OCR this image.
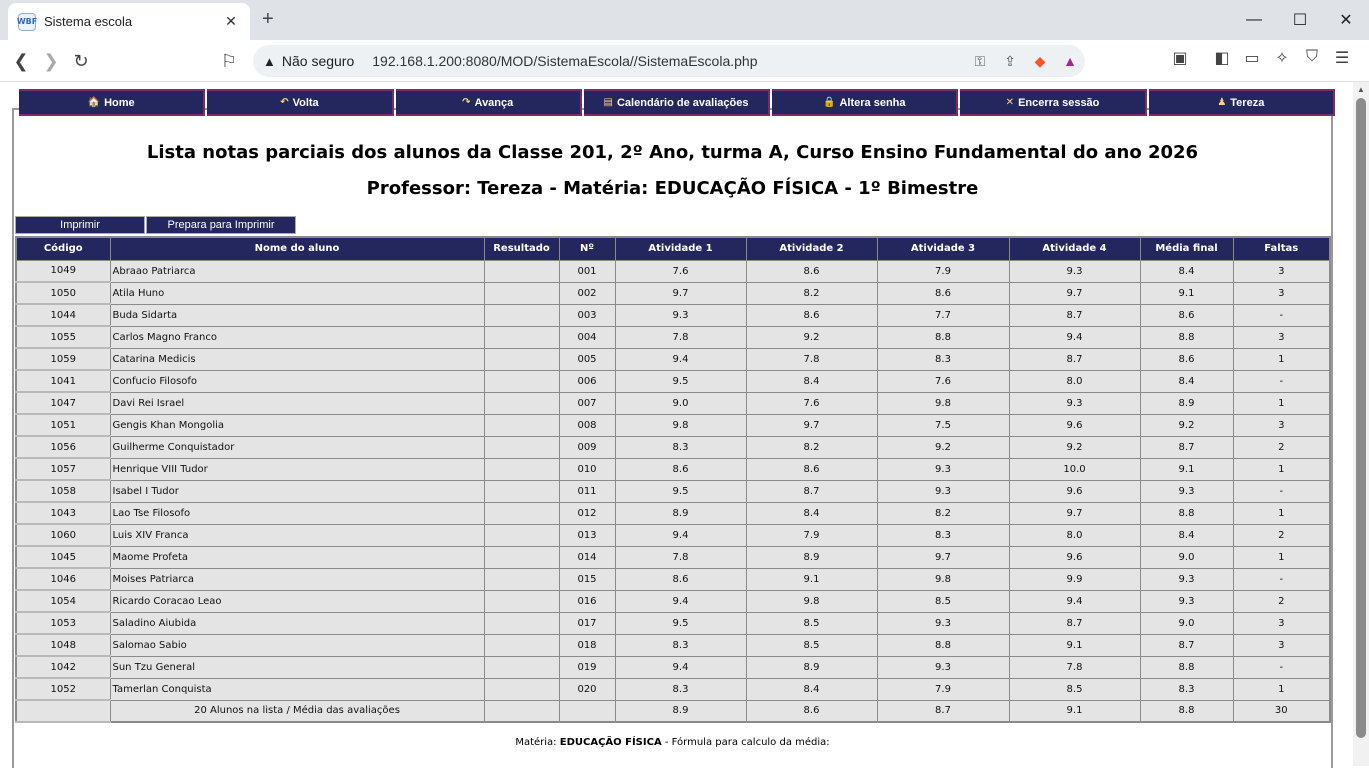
WBF Sistema escola	✕ +	—	☐	✕
❮ ❯ ↻	⚐	▲ Não seguro 192.168.1.200:8080/MOD/SistemaEscola//SistemaEscola.php	⚿	⇪	◆	▲	▣	◧ ▭ ✧	⛉	☰
🏠 Home	↶ Volta	↷ Avança	▤ Calendário de avaliações	🔒 Altera senha	✕ Encerra sessão	♟ Tereza
Lista notas parciais dos alunos da Classe 201, 2º Ano, turma A, Curso Ensino Fundamental do ano 2026
Professor: Tereza - Matéria: EDUCAÇÃO FÍSICA - 1º Bimestre
Imprimir	Prepara para Imprimir
Código	Nome do aluno	Resultado	Nº	Atividade 1	Atividade 2	Atividade 3	Atividade 4	Média final	Faltas
1049	Abraao Patriarca		001	7.6	8.6	7.9	9.3	8.4	3
1050	Atila Huno		002	9.7	8.2	8.6	9.7	9.1	3
1044	Buda Sidarta		003	9.3	8.6	7.7	8.7	8.6	-
1055	Carlos Magno Franco		004	7.8	9.2	8.8	9.4	8.8	3
1059	Catarina Medicis		005	9.4	7.8	8.3	8.7	8.6	1
1041	Confucio Filosofo		006	9.5	8.4	7.6	8.0	8.4	-
1047	Davi Rei Israel		007	9.0	7.6	9.8	9.3	8.9	1
1051	Gengis Khan Mongolia		008	9.8	9.7	7.5	9.6	9.2	3
1056	Guilherme Conquistador		009	8.3	8.2	9.2	9.2	8.7	2
1057	Henrique VIII Tudor		010	8.6	8.6	9.3	10.0	9.1	1
1058	Isabel I Tudor		011	9.5	8.7	9.3	9.6	9.3	-
1043	Lao Tse Filosofo		012	8.9	8.4	8.2	9.7	8.8	1
1060	Luis XIV Franca		013	9.4	7.9	8.3	8.0	8.4	2
1045	Maome Profeta		014	7.8	8.9	9.7	9.6	9.0	1
1046	Moises Patriarca		015	8.6	9.1	9.8	9.9	9.3	-
1054	Ricardo Coracao Leao		016	9.4	9.8	8.5	9.4	9.3	2
1053	Saladino Aiubida		017	9.5	8.5	9.3	8.7	9.0	3
1048	Salomao Sabio		018	8.3	8.5	8.8	9.1	8.7	3
1042	Sun Tzu General		019	9.4	8.9	9.3	7.8	8.8	-
1052	Tamerlan Conquista		020	8.3	8.4	7.9	8.5	8.3	1
	20 Alunos na lista / Média das avaliações			8.9	8.6	8.7	9.1	8.8	30
Matéria: EDUCAÇÃO FÍSICA - Fórmula para calculo da média:
▲
